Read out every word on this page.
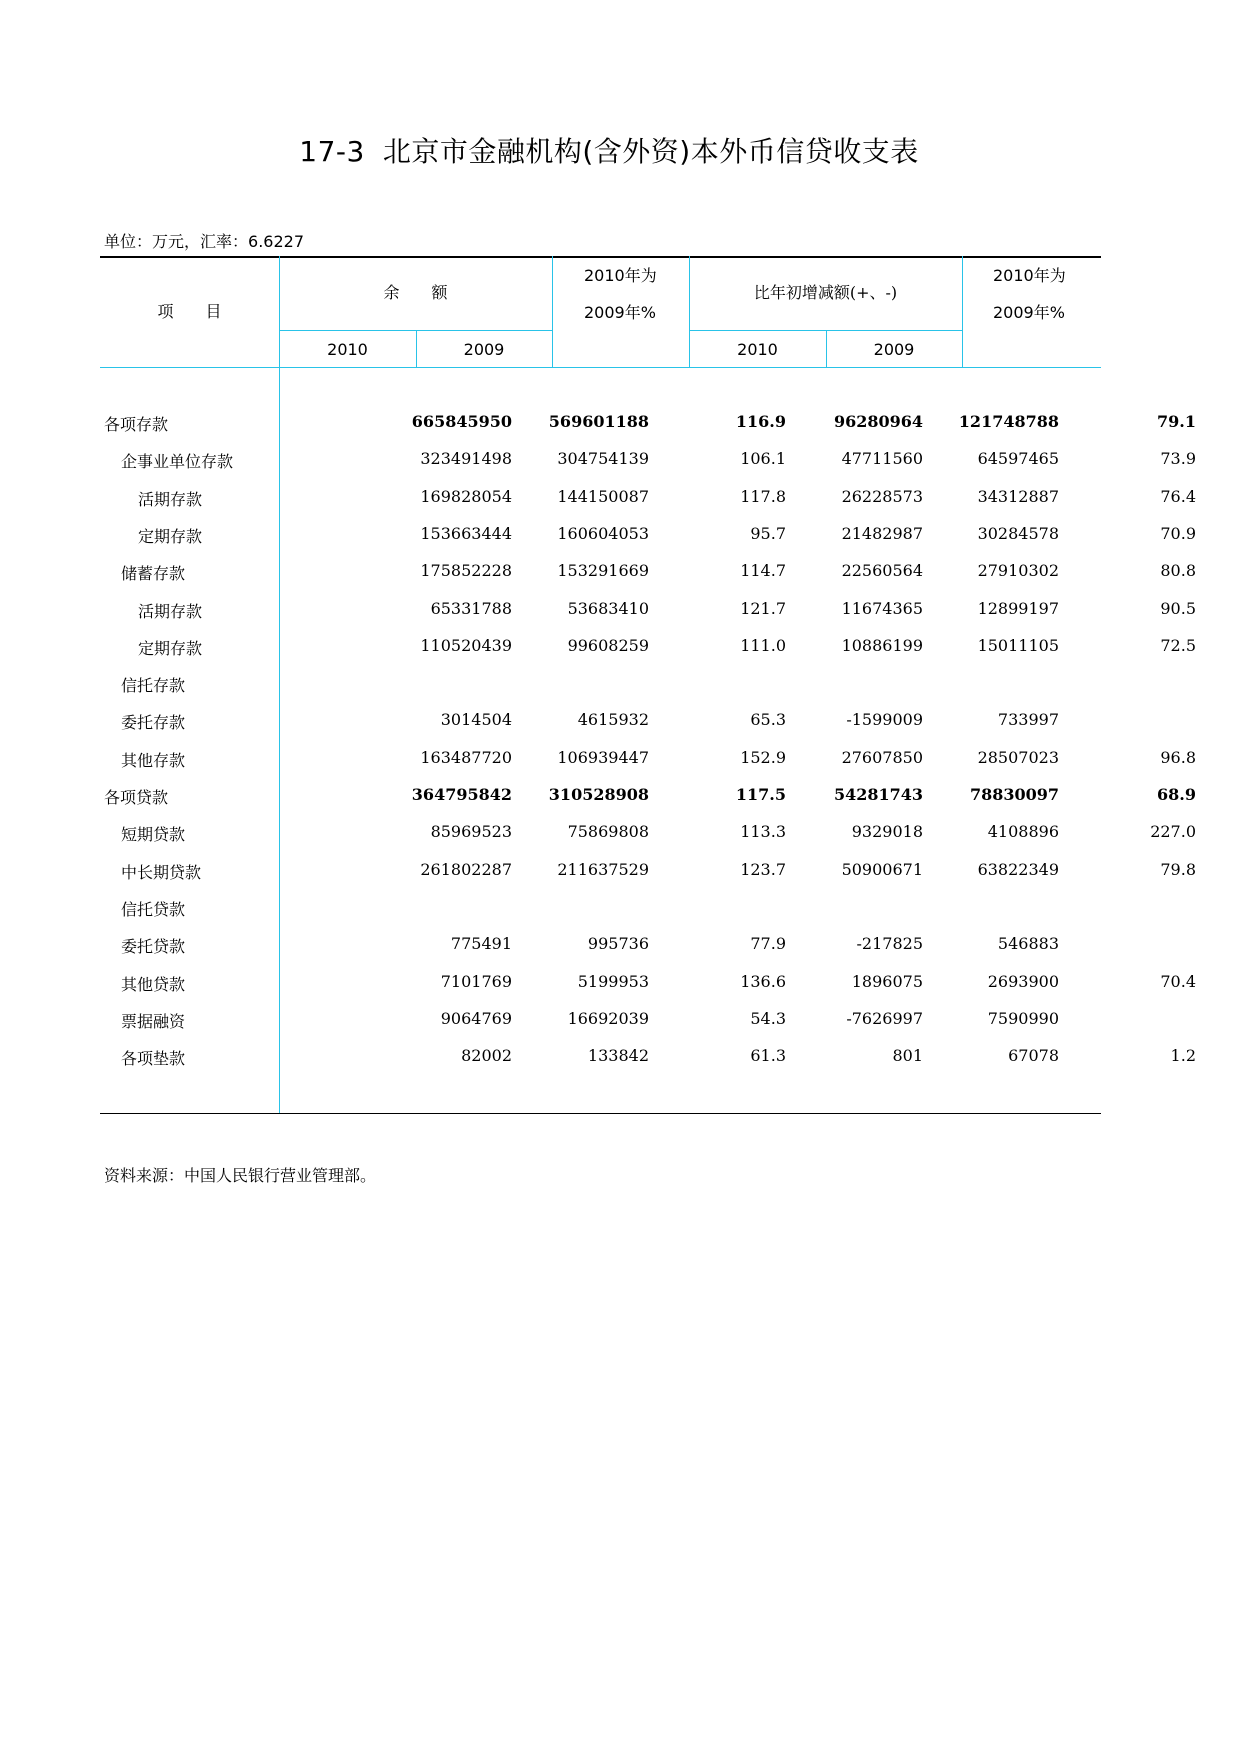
17-3 北京市金融机构(含外资)本外币信贷收支表
单位：万元，汇率：6.6227
项　　目
余　　额
2010年为
2009年%
比年初增减额(+、-)
2010年为
2009年%
2010	2009	2010	2009
各项存款	665845950	569601188	116.9	96280964	121748788	79.1
企事业单位存款	323491498	304754139	106.1	47711560	64597465	73.9
活期存款	169828054	144150087	117.8	26228573	34312887	76.4
定期存款	153663444	160604053	95.7	21482987	30284578	70.9
储蓄存款	175852228	153291669	114.7	22560564	27910302	80.8
活期存款	65331788	53683410	121.7	11674365	12899197	90.5
定期存款	110520439	99608259	111.0	10886199	15011105	72.5
信托存款
委托存款	3014504	4615932	65.3	-1599009	733997
其他存款	163487720	106939447	152.9	27607850	28507023	96.8
各项贷款	364795842	310528908	117.5	54281743	78830097	68.9
短期贷款	85969523	75869808	113.3	9329018	4108896	227.0
中长期贷款	261802287	211637529	123.7	50900671	63822349	79.8
信托贷款
委托贷款	775491	995736	77.9	-217825	546883
其他贷款	7101769	5199953	136.6	1896075	2693900	70.4
票据融资	9064769	16692039	54.3	-7626997	7590990
各项垫款	82002	133842	61.3	801	67078	1.2
资料来源：中国人民银行营业管理部。
